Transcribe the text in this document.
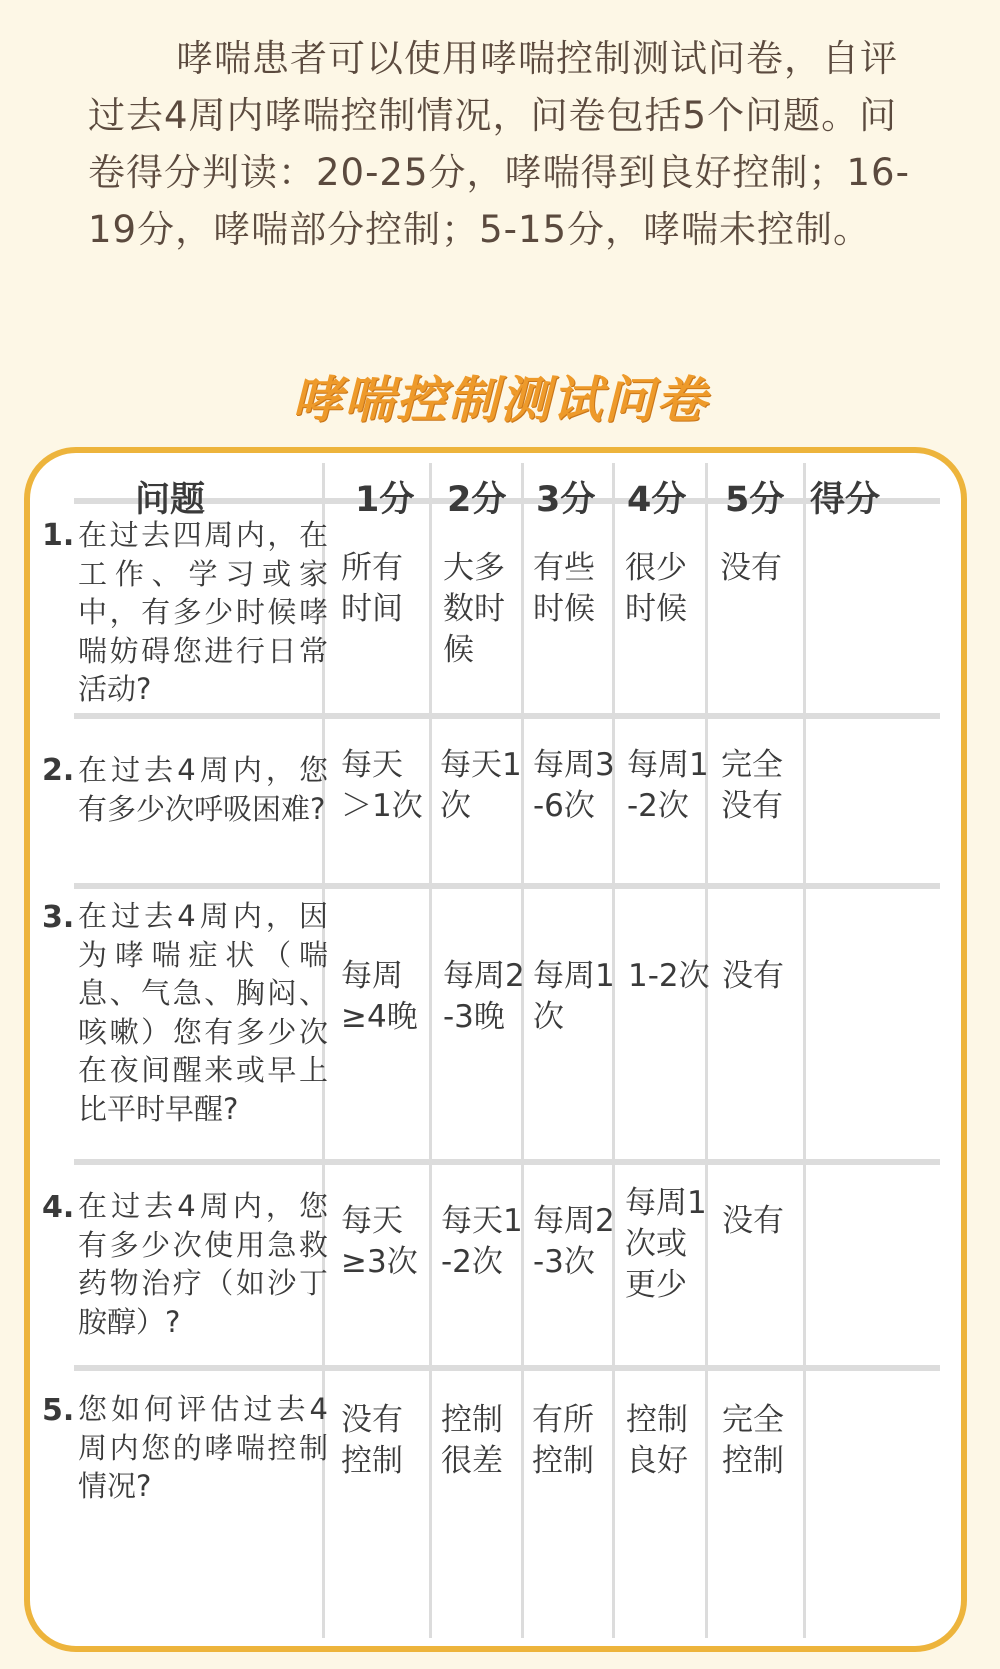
哮喘患者可以使用哮喘控制测试问卷，自评过去4周内哮喘控制情况，问卷包括5个问题。问卷得分判读：20-25分，哮喘得到良好控制；16-19分，哮喘部分控制；5-15分，哮喘未控制。
哮喘控制测试问卷
问题	1分 2分 3分 4分 5分 得分
1. 在过去四周内，在工作、学习或家中，有多少时候哮喘妨碍您进行日常活动?
所有时间
大多数时候
有些时候
很少时候
没有
2. 在过去4周内，您有多少次呼吸困难?
每天＞1次
每天1次
每周3-6次
每周1-2次
完全没有
3. 在过去4周内，因为哮喘症状（喘息、气急、胸闷、咳嗽）您有多少次在夜间醒来或早上比平时早醒?
每周≥4晚
每周2-3晚
每周1次
1-2次 没有
4. 在过去4周内，您有多少次使用急救药物治疗（如沙丁胺醇）?
每天≥3次
每天1-2次
每周2-3次
每周1次或更少
没有
5. 您如何评估过去4周内您的哮喘控制情况?
没有控制
控制很差
有所控制
控制良好
完全控制
